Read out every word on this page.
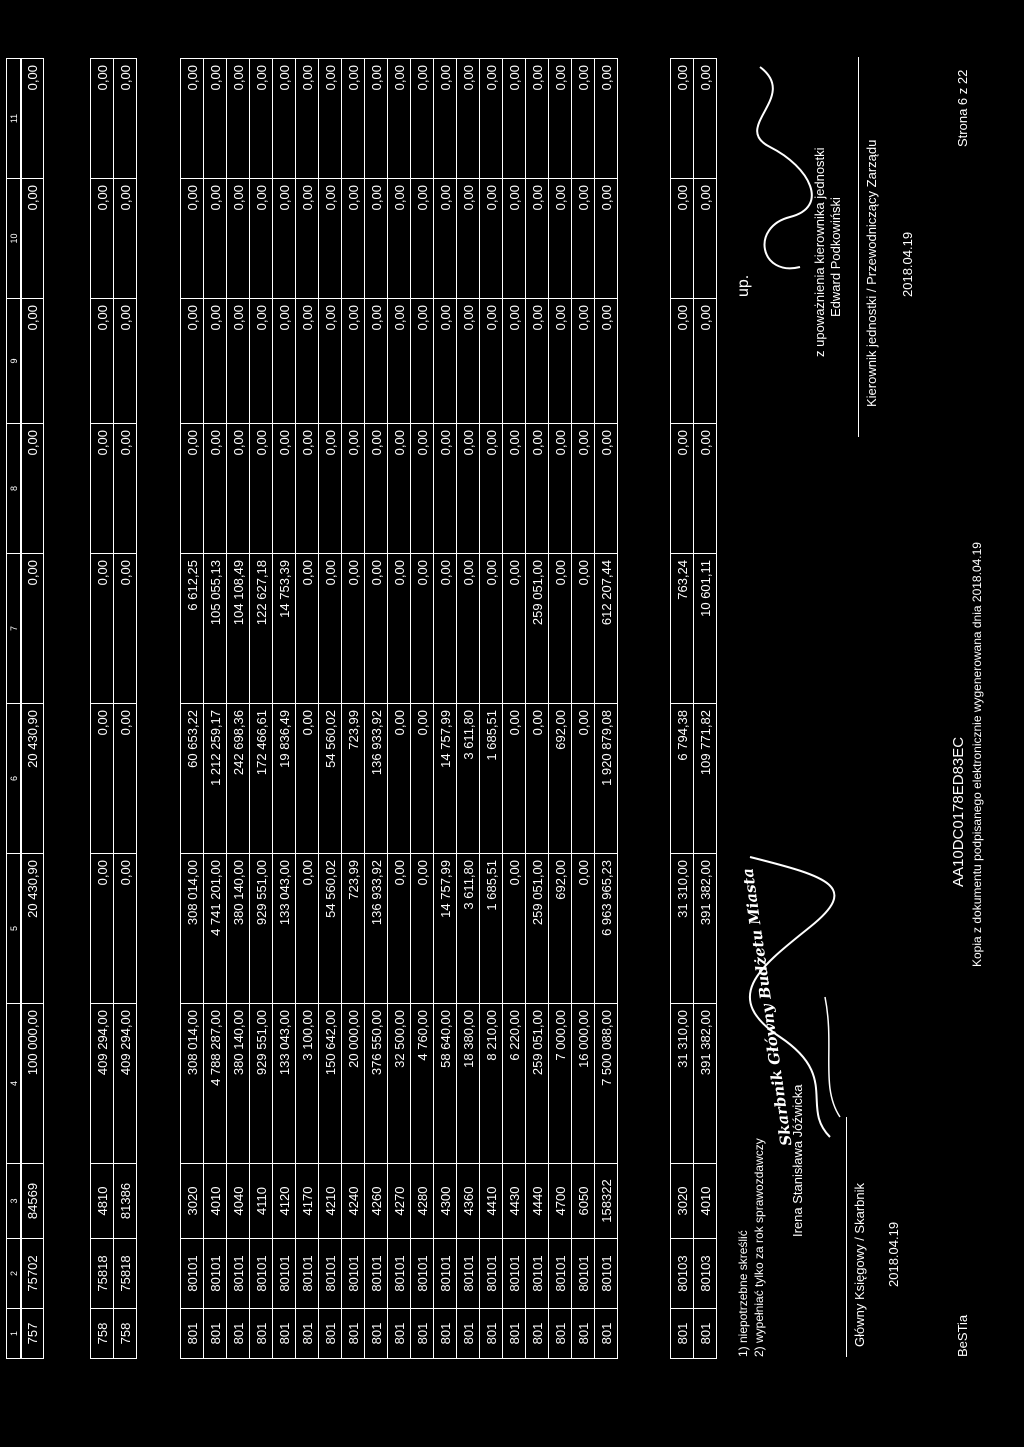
1	2	3	4	5	6	7	8	9	10	11
757	75702	84569	100 000,00	20 430,90	20 430,90	0,00	0,00	0,00	0,00	0,00
758	75818	4810	409 294,00	0,00	0,00	0,00	0,00	0,00	0,00	0,00
758	75818	81386	409 294,00	0,00	0,00	0,00	0,00	0,00	0,00	0,00
801	80101	3020	308 014,00	308 014,00	60 653,22	6 612,25	0,00	0,00	0,00	0,00
801	80101	4010	4 788 287,00	4 741 201,00	1 212 259,17	105 055,13	0,00	0,00	0,00	0,00
801	80101	4040	380 140,00	380 140,00	242 698,36	104 108,49	0,00	0,00	0,00	0,00
801	80101	4110	929 551,00	929 551,00	172 466,61	122 627,18	0,00	0,00	0,00	0,00
801	80101	4120	133 043,00	133 043,00	19 836,49	14 753,39	0,00	0,00	0,00	0,00
801	80101	4170	3 100,00	0,00	0,00	0,00	0,00	0,00	0,00	0,00
801	80101	4210	150 642,00	54 560,02	54 560,02	0,00	0,00	0,00	0,00	0,00
801	80101	4240	20 000,00	723,99	723,99	0,00	0,00	0,00	0,00	0,00
801	80101	4260	376 550,00	136 933,92	136 933,92	0,00	0,00	0,00	0,00	0,00
801	80101	4270	32 500,00	0,00	0,00	0,00	0,00	0,00	0,00	0,00
801	80101	4280	4 760,00	0,00	0,00	0,00	0,00	0,00	0,00	0,00
801	80101	4300	58 640,00	14 757,99	14 757,99	0,00	0,00	0,00	0,00	0,00
801	80101	4360	18 380,00	3 611,80	3 611,80	0,00	0,00	0,00	0,00	0,00
801	80101	4410	8 210,00	1 685,51	1 685,51	0,00	0,00	0,00	0,00	0,00
801	80101	4430	6 220,00	0,00	0,00	0,00	0,00	0,00	0,00	0,00
801	80101	4440	259 051,00	259 051,00	0,00	259 051,00	0,00	0,00	0,00	0,00
801	80101	4700	7 000,00	692,00	692,00	0,00	0,00	0,00	0,00	0,00
801	80101	6050	16 000,00	0,00	0,00	0,00	0,00	0,00	0,00	0,00
801	80101	158322	7 500 088,00	6 963 965,23	1 920 879,08	612 207,44	0,00	0,00	0,00	0,00
801	80103	3020	31 310,00	31 310,00	6 794,38	763,24	0,00	0,00	0,00	0,00
801	80103	4010	391 382,00	391 382,00	109 771,82	10 601,11	0,00	0,00	0,00	0,00
1) niepotrzebne skreślić 2) wypełniać tylko za rok sprawozdawczy
Skarbnik Główny Budżetu Miasta
Irena Stanisława Jóźwicka
Główny Księgowy / Skarbnik 2018.04.19
up.	z upoważnienia kierownika jednostki Edward Podkowiński Kierownik jednostki / Przewodniczący Zarządu 2018.04.19
BeSTia
AA10DC0178ED83EC Kopia z dokumentu podpisanego elektronicznie wygenerowana dnia 2018.04.19
Strona 6 z 22
